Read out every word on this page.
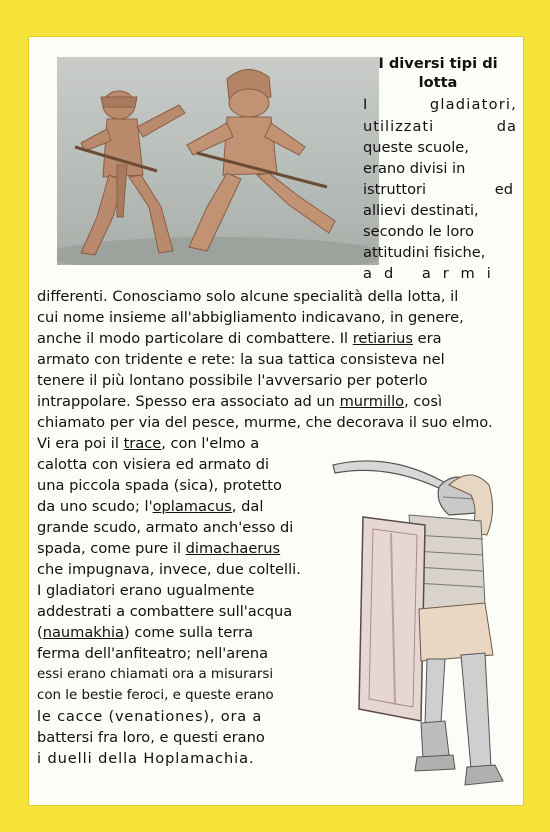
I diversi tipi di lotta

I gladiatori,

utilizzati da

queste scuole,

erano divisi in

istruttori ed

allievi destinati,

secondo le loro

attitudini fisiche,

ad armi

differenti. Conosciamo solo alcune specialità della lotta, il

cui nome insieme all'abbigliamento indicavano, in genere,

anche il modo particolare di combattere. Il retiarius era

armato con tridente e rete: la sua tattica consisteva nel

tenere il più lontano possibile l'avversario per poterlo

intrappolare. Spesso era associato ad un murmillo, così

chiamato per via del pesce, murme, che decorava il suo elmo.

Vi era poi il trace, con l'elmo a

calotta con visiera ed armato di

una piccola spada (sica), protetto

da uno scudo; l'oplamacus, dal

grande scudo, armato anch'esso di

spada, come pure il dimachaerus

che impugnava, invece, due coltelli.

I gladiatori erano ugualmente

addestrati a combattere sull'acqua

(naumakhia) come sulla terra

ferma dell'anfiteatro; nell'arena

essi erano chiamati ora a misurarsi

con le bestie feroci, e queste erano

le cacce (venationes), ora a

battersi fra loro, e questi erano

i duelli della Hoplamachia.
